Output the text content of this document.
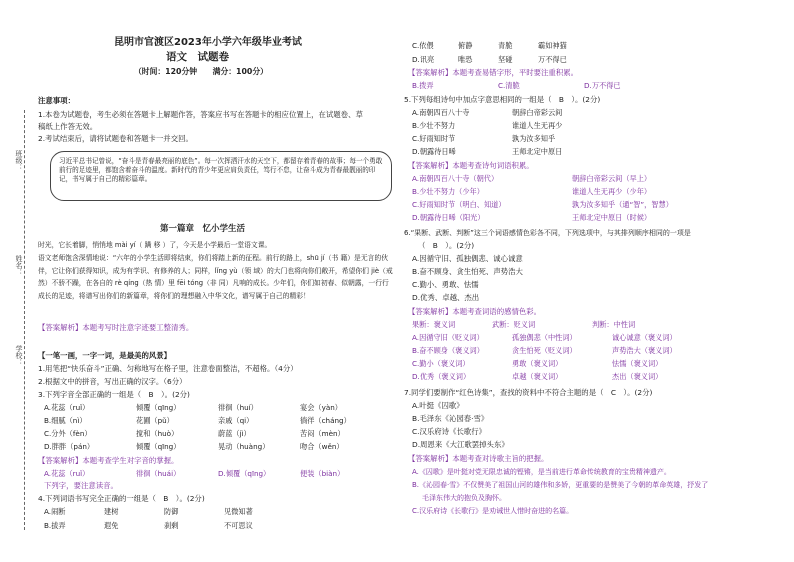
班级：
姓名：
学校：
昆明市官渡区2023年小学六年级毕业考试
语文　试题卷
（时间：120分钟　　满分：100分）
注意事项：
1.本卷为试题卷，考生必须在答题卡上解题作答，答案应书写在答题卡的相应位置上，在试题卷、草
稿纸上作答无效。
2.考试结束后，请将试题卷和答题卡一并交回。
习近平总书记曾说，“奋斗是青春最亮丽的底色”。每一次挥洒汗水的天空下，都留存着青春的故事；每一个勇敢前行的足迹里，都饱含着奋斗的温度。新时代的青少年更应肩负责任，笃行不怠，让奋斗成为青春最靓丽的印记，书写属于自己的精彩篇章。
第一篇章　忆小学生活
时光，它长着脚，悄悄地 mài yí（ 蹒 移 ）了，今天是小学最后一堂语文课。
语文老师饱含深情地说：“六年的小学生活即将结束，你们将踏上新的征程。前行的路上，shū jí（书 籍）是无言的伙伴，它让你们获得知识，成为有学识、有修养的人；同样，lǐng yù（领 域）的大门也将向你们敞开，希望你们 jiè（戒 然）不骄不躁，在各自的 rè qíng（热 情）里 fēi tóng（非 同）凡响的成长。少年们，你们如初春、似朝露，一行行成长的足迹，将谱写出你们的新篇章，将你们的理想融入中华文化，谱写属于自己的精彩！
【答案解析】本题考写时注意字迹要工整清秀。
【一笔一画，一字一词，是最美的风景】
1.用笔把“快乐奋斗”正确、匀称地写在格子里，注意卷面整洁，不超格。（4分）
2.根据文中的拼音，写出正确的汉字。（6分）
3.下列字音全部正确的一组是（　B　）。(2分)
A.花蕊（ruǐ）	倾覆（qīng）	徘徊（huí）	宴会（yàn）
B.细腻（nì）	花圃（pǔ）	亲戚（qi）	徜徉（cháng）
C.分外（fèn）	搅和（huò）	蔚蓝（jì）	苦闷（mèn）
D.胖胖（pán）	倾覆（qīng）	晃动（huàng）	吻合（wěn）
【答案解析】本题考查学生对字音的掌握。
A.花蕊（ruǐ）	徘徊（huái）	D.倾覆（qīng）	便装（biàn）
下列字，要注意读音。
4.下列词语书写完全正确的一组是（　B　）。(2分)
A.闹断	建树	防御	见微知著
B.拔弄	遐免	刹剩	不可思议
C.依偎	俯静	青脆	霸如神猫
D.讯亮	唯恐	坚碰	万不得已
【答案解析】本题考查易错字形，平时要注重积累。
B.拨弄	C.清脆	D.万不得已
5.下列每组诗句中加点字意思相同的一组是（　B　）。(2分)
A.南朝四百八十寺	朝辞白帝彩云间
B.少壮不努力	谁道人生无再少
C.好雨知时节	孰为汝多知乎
D.朝露待日晞	王师北定中原日
【答案解析】本题考查诗句词语积累。
A.南朝四百八十寺（朝代）	朝辞白帝彩云间（早上）
B.少壮不努力（少年）	谁道人生无再少（少年）
C.好雨知时节（明白、知道）	孰为汝多知乎（通“智”，智慧）
D.朝露待日晞（阳光）	王师北定中原日（时候）
6.“果断、武断、判断”这三个词语感情色彩各不同，下列选项中，与其排列顺序相同的一项是
（　B　）。(2分)
A.因循守旧、孤独偶悲、诚心诚意
B.奋不顾身、贪生怕死、声势浩大
C.勤小、勇敢、怯懦
D.优秀、卓越、杰出
【答案解析】本题考查词语的感情色彩。
果断：褒义词	武断：贬义词	判断：中性词
A.因循守旧（贬义词）	孤独偶悲（中性词）	诚心诚意（褒义词）
B.奋不顾身（褒义词）	贪生怕死（贬义词）	声势浩大（褒义词）
C.勤小（褒义词）	勇敢（褒义词）	怯懦（褒义词）
D.优秀（褒义词）	卓越（褒义词）	杰出（褒义词）
7.同学们要制作“红色诗集”，查找的资料中不符合主题的是（　C　）。(2分)
A.叶挺《囚歌》
B.毛泽东《沁园春·雪》
C.汉乐府诗《长歌行》
D.周恩来《大江歌罢掉头东》
【答案解析】本题考查对诗歌主旨的把握。
A.《囚歌》是叶挺对党无限忠诚的铿锵，是当前进行革命传统教育的宝贵精神遗产。
B.《沁园春·雪》不仅赞美了祖国山河的雄伟和多娇，更重要的是赞美了今朝的革命英雄，抒发了
毛泽东伟大的抱负及胸怀。
C.汉乐府诗《长歌行》是劝诫世人惜时奋进的名篇。
